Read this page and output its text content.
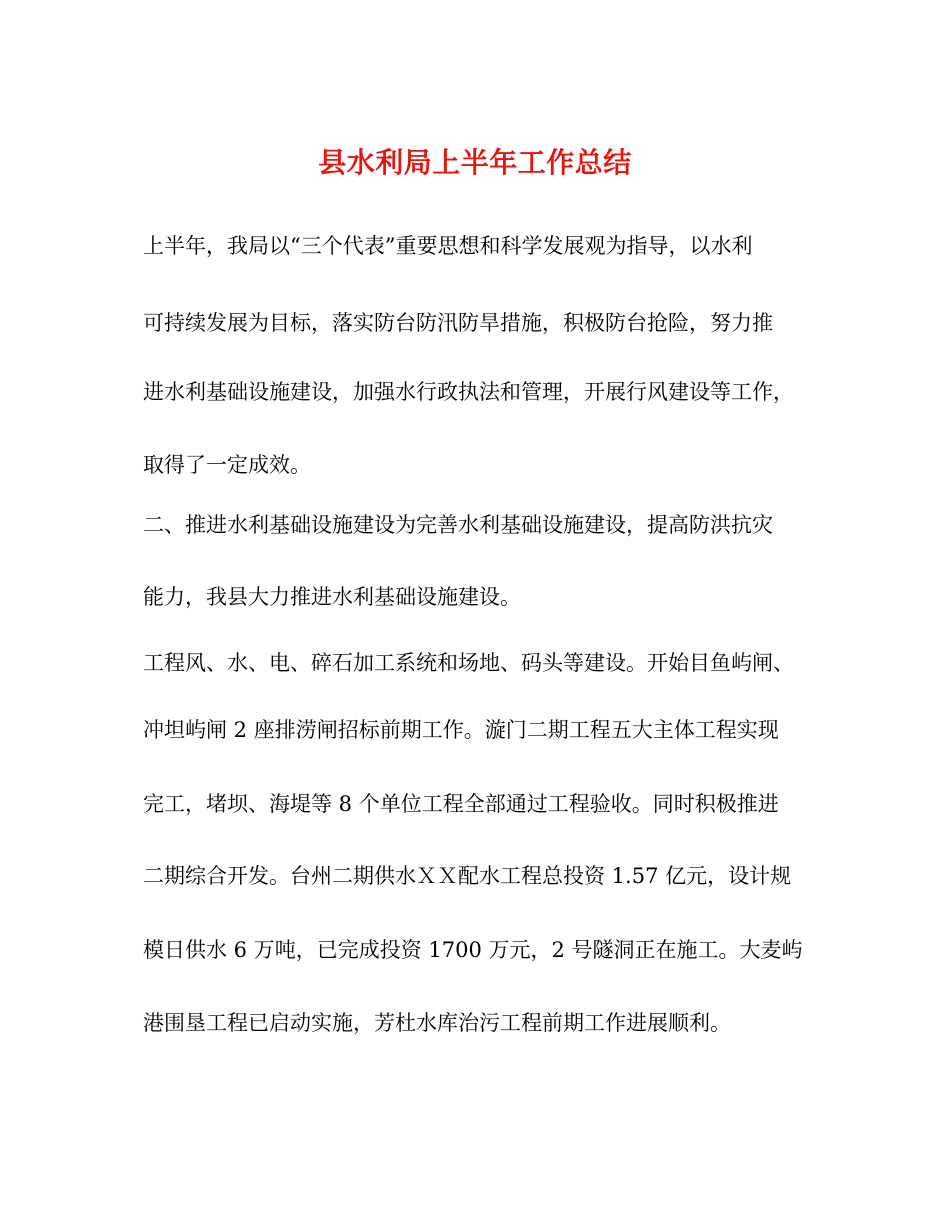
县水利局上半年工作总结
上半年，我局以“三个代表”重要思想和科学发展观为指导，以水利
可持续发展为目标，落实防台防汛防旱措施，积极防台抢险，努力推
进水利基础设施建设，加强水行政执法和管理，开展行风建设等工作，
取得了一定成效。
二、推进水利基础设施建设为完善水利基础设施建设，提高防洪抗灾
能力，我县大力推进水利基础设施建设。
工程风、水、电、碎石加工系统和场地、码头等建设。开始目鱼屿闸、
冲坦屿闸 2 座排涝闸招标前期工作。漩门二期工程五大主体工程实现
完工，堵坝、海堤等 8 个单位工程全部通过工程验收。同时积极推进
二期综合开发。台州二期供水ＸＸ配水工程总投资 1.57 亿元，设计规
模日供水 6 万吨，已完成投资 1700 万元，2 号隧洞正在施工。大麦屿
港围垦工程已启动实施，芳杜水库治污工程前期工作进展顺利。
